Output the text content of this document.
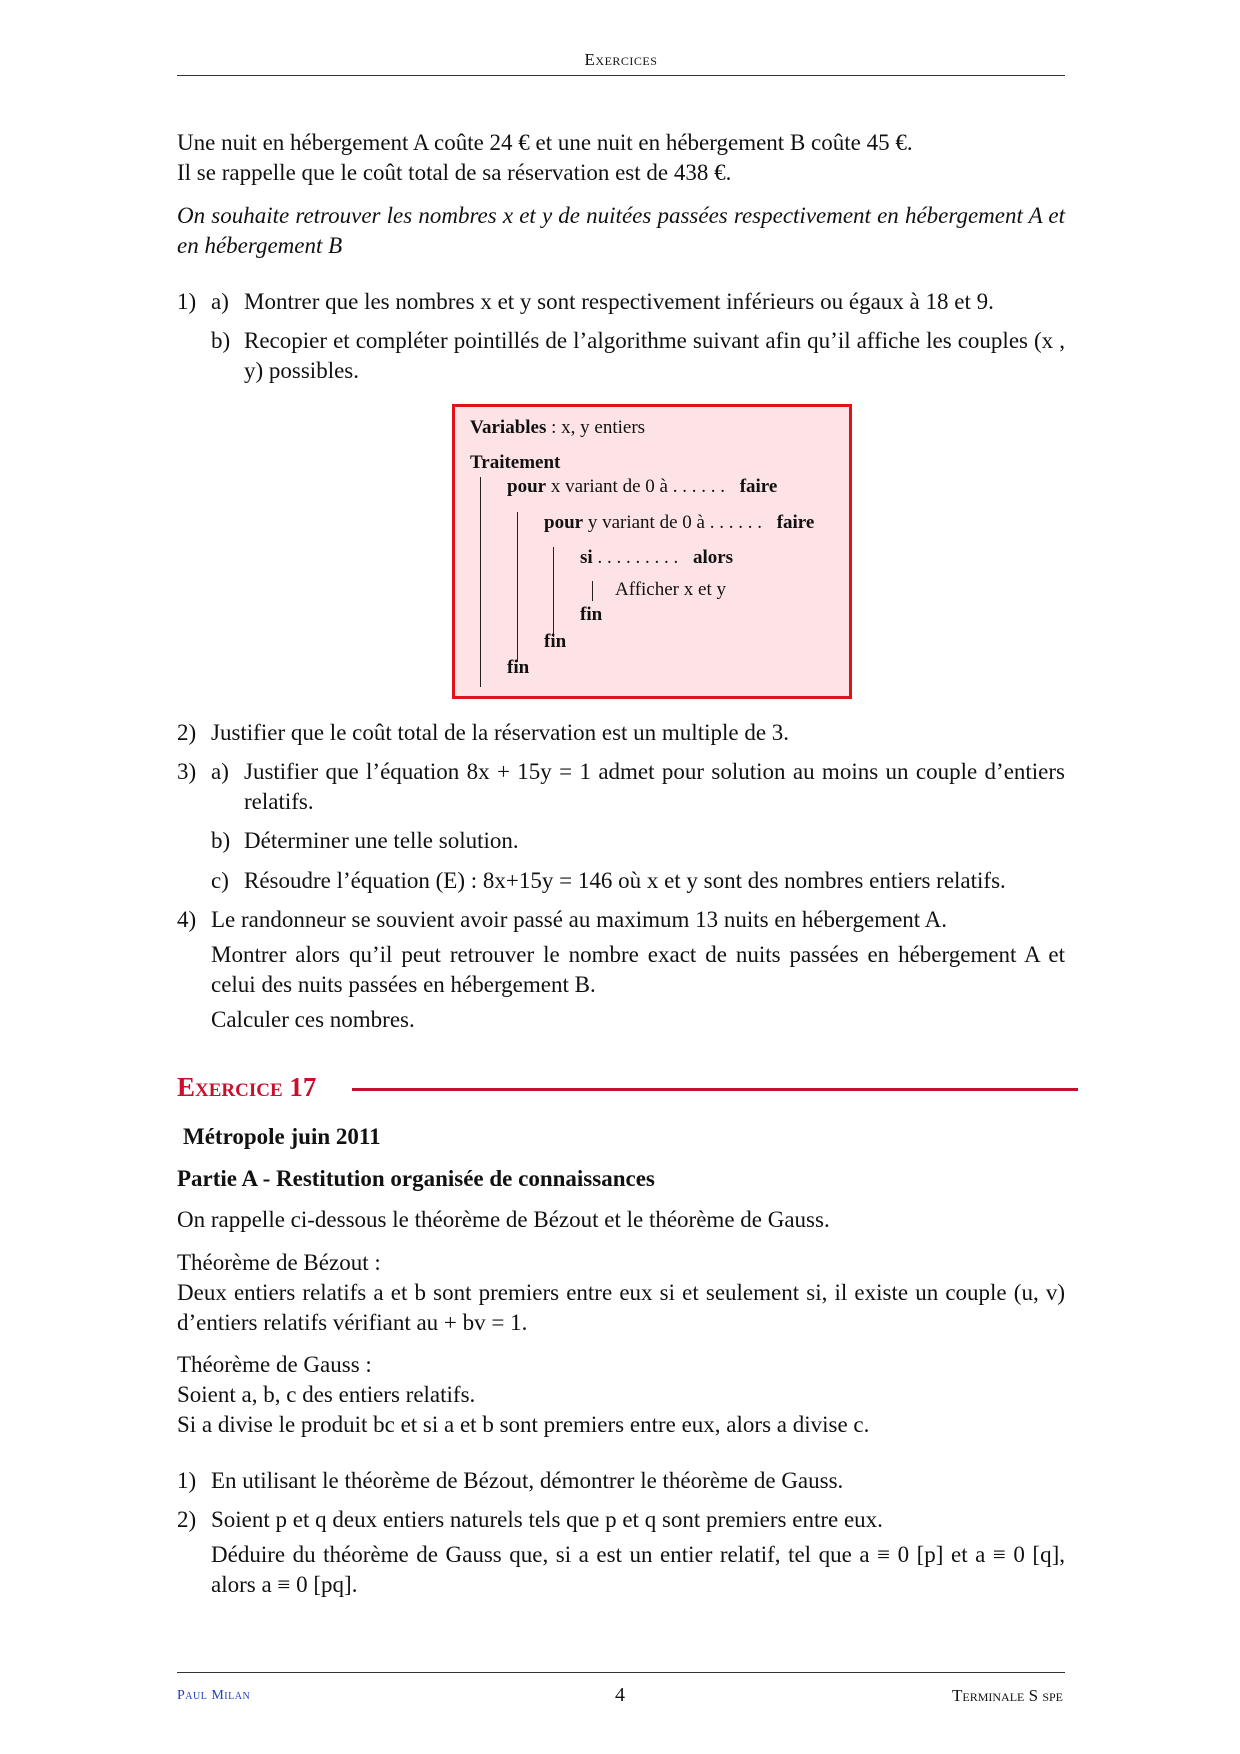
Exercices

Une nuit en hébergement A coûte 24 € et une nuit en hébergement B coûte 45 €.

Il se rappelle que le coût total de sa réservation est de 438 €.

On souhaite retrouver les nombres x et y de nuitées passées respectivement en hébergement A et en hébergement B

1) a) Montrer que les nombres x et y sont respectivement inférieurs ou égaux à 18 et 9.
b) Recopier et compléter pointillés de l’algorithme suivant afin qu’il affiche les couples (x , y) possibles.
Variables : x, y entiers
Traitement
pour x variant de 0 à . . . . . . faire
pour y variant de 0 à . . . . . . faire
si . . . . . . . . . alors
Afficher x et y
fin
fin
fin
2) Justifier que le coût total de la réservation est un multiple de 3.
3) a) Justifier que l’équation 8x + 15y = 1 admet pour solution au moins un couple d’entiers relatifs.
b) Déterminer une telle solution.
c) Résoudre l’équation (E) : 8x+15y = 146 où x et y sont des nombres entiers relatifs.
4) Le randonneur se souvient avoir passé au maximum 13 nuits en hébergement A.
Montrer alors qu’il peut retrouver le nombre exact de nuits passées en hébergement A et celui des nuits passées en hébergement B.
Calculer ces nombres.
Exercice 17

Métropole juin 2011

Partie A - Restitution organisée de connaissances

On rappelle ci-dessous le théorème de Bézout et le théorème de Gauss.

Théorème de Bézout :

Deux entiers relatifs a et b sont premiers entre eux si et seulement si, il existe un couple (u, v) d’entiers relatifs vérifiant au + bv = 1.

Théorème de Gauss :

Soient a, b, c des entiers relatifs.

Si a divise le produit bc et si a et b sont premiers entre eux, alors a divise c.

1) En utilisant le théorème de Bézout, démontrer le théorème de Gauss.
2) Soient p et q deux entiers naturels tels que p et q sont premiers entre eux.
Déduire du théorème de Gauss que, si a est un entier relatif, tel que a ≡ 0 [p] et a ≡ 0 [q], alors a ≡ 0 [pq].
Paul Milan	4	Terminale S spe
